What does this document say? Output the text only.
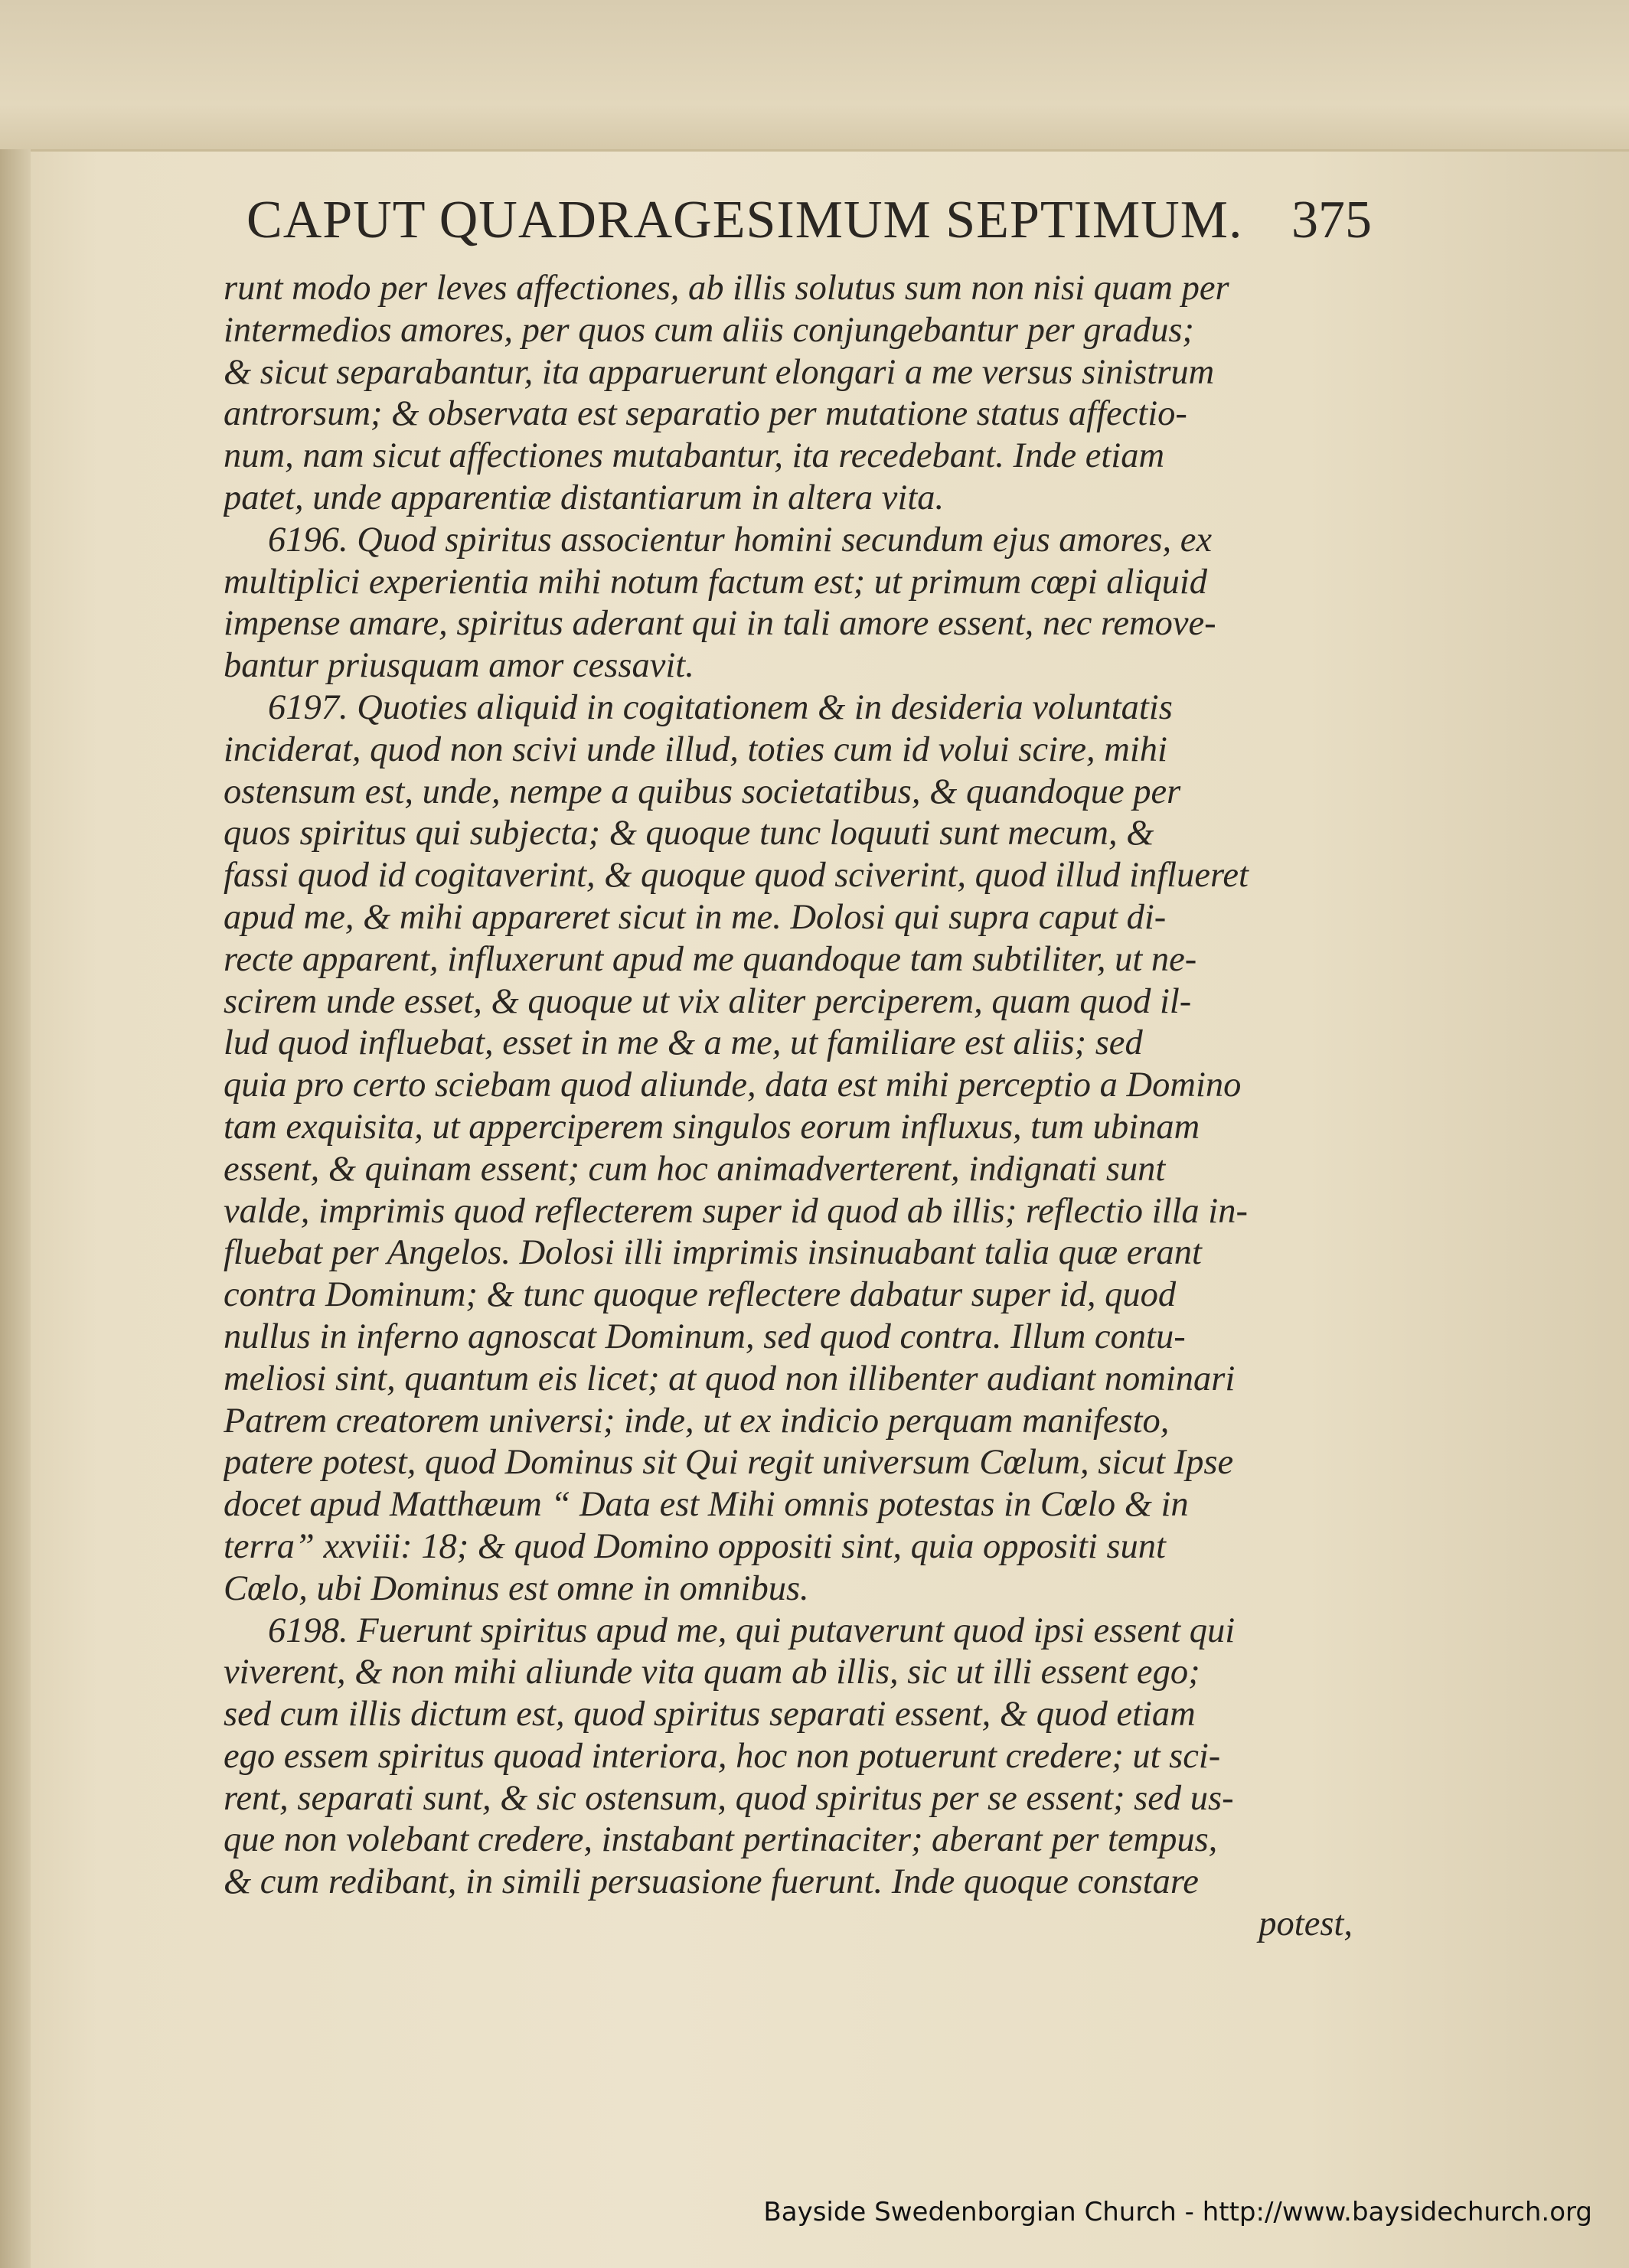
CAPUT QUADRAGESIMUM SEPTIMUM. 375
runt modo per leves affectiones, ab illis solutus sum non nisi quam per
intermedios amores, per quos cum aliis conjungebantur per gradus;
& sicut separabantur, ita apparuerunt elongari a me versus sinistrum
antrorsum; & observata est separatio per mutatione status affectio-
num, nam sicut affectiones mutabantur, ita recedebant. Inde etiam
patet, unde apparentiæ distantiarum in altera vita.
6196. Quod spiritus associentur homini secundum ejus amores, ex
multiplici experientia mihi notum factum est; ut primum cœpi aliquid
impense amare, spiritus aderant qui in tali amore essent, nec remove-
bantur priusquam amor cessavit.
6197. Quoties aliquid in cogitationem & in desideria voluntatis
inciderat, quod non scivi unde illud, toties cum id volui scire, mihi
ostensum est, unde, nempe a quibus societatibus, & quandoque per
quos spiritus qui subjecta; & quoque tunc loquuti sunt mecum, &
fassi quod id cogitaverint, & quoque quod sciverint, quod illud influeret
apud me, & mihi appareret sicut in me. Dolosi qui supra caput di-
recte apparent, influxerunt apud me quandoque tam subtiliter, ut ne-
scirem unde esset, & quoque ut vix aliter perciperem, quam quod il-
lud quod influebat, esset in me & a me, ut familiare est aliis; sed
quia pro certo sciebam quod aliunde, data est mihi perceptio a Domino
tam exquisita, ut apperciperem singulos eorum influxus, tum ubinam
essent, & quinam essent; cum hoc animadverterent, indignati sunt
valde, imprimis quod reflecterem super id quod ab illis; reflectio illa in-
fluebat per Angelos. Dolosi illi imprimis insinuabant talia quæ erant
contra Dominum; & tunc quoque reflectere dabatur super id, quod
nullus in inferno agnoscat Dominum, sed quod contra. Illum contu-
meliosi sint, quantum eis licet; at quod non illibenter audiant nominari
Patrem creatorem universi; inde, ut ex indicio perquam manifesto,
patere potest, quod Dominus sit Qui regit universum Cœlum, sicut Ipse
docet apud Matthæum “ Data est Mihi omnis potestas in Cœlo & in
terra” xxviii: 18; & quod Domino oppositi sint, quia oppositi sunt
Cœlo, ubi Dominus est omne in omnibus.
6198. Fuerunt spiritus apud me, qui putaverunt quod ipsi essent qui
viverent, & non mihi aliunde vita quam ab illis, sic ut illi essent ego;
sed cum illis dictum est, quod spiritus separati essent, & quod etiam
ego essem spiritus quoad interiora, hoc non potuerunt credere; ut sci-
rent, separati sunt, & sic ostensum, quod spiritus per se essent; sed us-
que non volebant credere, instabant pertinaciter; aberant per tempus,
& cum redibant, in simili persuasione fuerunt. Inde quoque constare
potest,
Bayside Swedenborgian Church - http://www.baysidechurch.org
